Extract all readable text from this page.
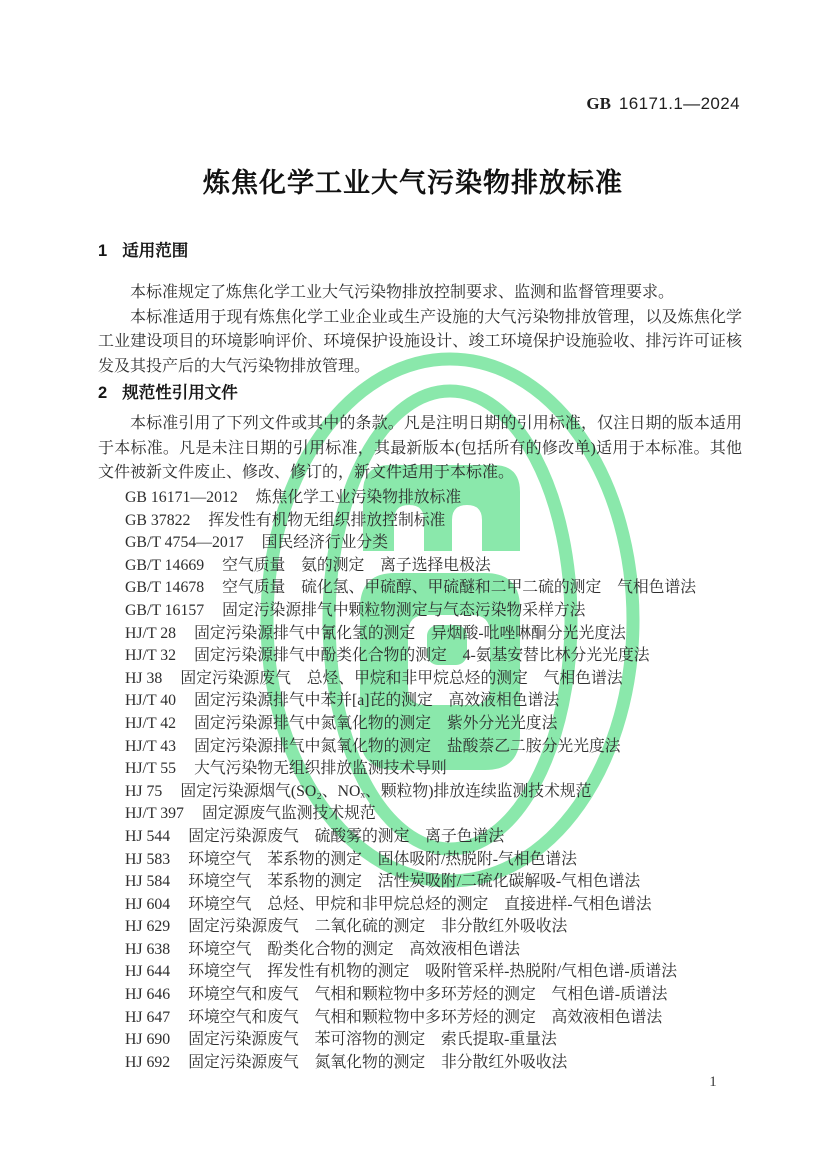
GB 16171.1—2024
炼焦化学工业大气污染物排放标准
1 适用范围

本标准规定了炼焦化学工业大气污染物排放控制要求、监测和监督管理要求。

本标准适用于现有炼焦化学工业企业或生产设施的大气污染物排放管理，以及炼焦化学工业建设项目的环境影响评价、环境保护设施设计、竣工环境保护设施验收、排污许可证核发及其投产后的大气污染物排放管理。

2 规范性引用文件

本标准引用了下列文件或其中的条款。凡是注明日期的引用标准，仅注日期的版本适用于本标准。凡是未注日期的引用标准，其最新版本(包括所有的修改单)适用于本标准。其他文件被新文件废止、修改、修订的，新文件适用于本标准。

GB 16171—2012 炼焦化学工业污染物排放标准
GB 37822 挥发性有机物无组织排放控制标准
GB/T 4754—2017 国民经济行业分类
GB/T 14669 空气质量　氨的测定　离子选择电极法
GB/T 14678 空气质量　硫化氢、甲硫醇、甲硫醚和二甲二硫的测定　气相色谱法
GB/T 16157 固定污染源排气中颗粒物测定与气态污染物采样方法
HJ/T 28 固定污染源排气中氰化氢的测定　异烟酸-吡唑啉酮分光光度法
HJ/T 32 固定污染源排气中酚类化合物的测定　4-氨基安替比林分光光度法
HJ 38 固定污染源废气　总烃、甲烷和非甲烷总烃的测定　气相色谱法
HJ/T 40 固定污染源排气中苯并[a]芘的测定　高效液相色谱法
HJ/T 42 固定污染源排气中氮氧化物的测定　紫外分光光度法
HJ/T 43 固定污染源排气中氮氧化物的测定　盐酸萘乙二胺分光光度法
HJ/T 55 大气污染物无组织排放监测技术导则
HJ 75 固定污染源烟气(SO₂、NOₓ、颗粒物)排放连续监测技术规范
HJ/T 397 固定源废气监测技术规范
HJ 544 固定污染源废气　硫酸雾的测定　离子色谱法
HJ 583 环境空气　苯系物的测定　固体吸附/热脱附-气相色谱法
HJ 584 环境空气　苯系物的测定　活性炭吸附/二硫化碳解吸-气相色谱法
HJ 604 环境空气　总烃、甲烷和非甲烷总烃的测定　直接进样-气相色谱法
HJ 629 固定污染源废气　二氧化硫的测定　非分散红外吸收法
HJ 638 环境空气　酚类化合物的测定　高效液相色谱法
HJ 644 环境空气　挥发性有机物的测定　吸附管采样-热脱附/气相色谱-质谱法
HJ 646 环境空气和废气　气相和颗粒物中多环芳烃的测定　气相色谱-质谱法
HJ 647 环境空气和废气　气相和颗粒物中多环芳烃的测定　高效液相色谱法
HJ 690 固定污染源废气　苯可溶物的测定　索氏提取-重量法
HJ 692 固定污染源废气　氮氧化物的测定　非分散红外吸收法
1
